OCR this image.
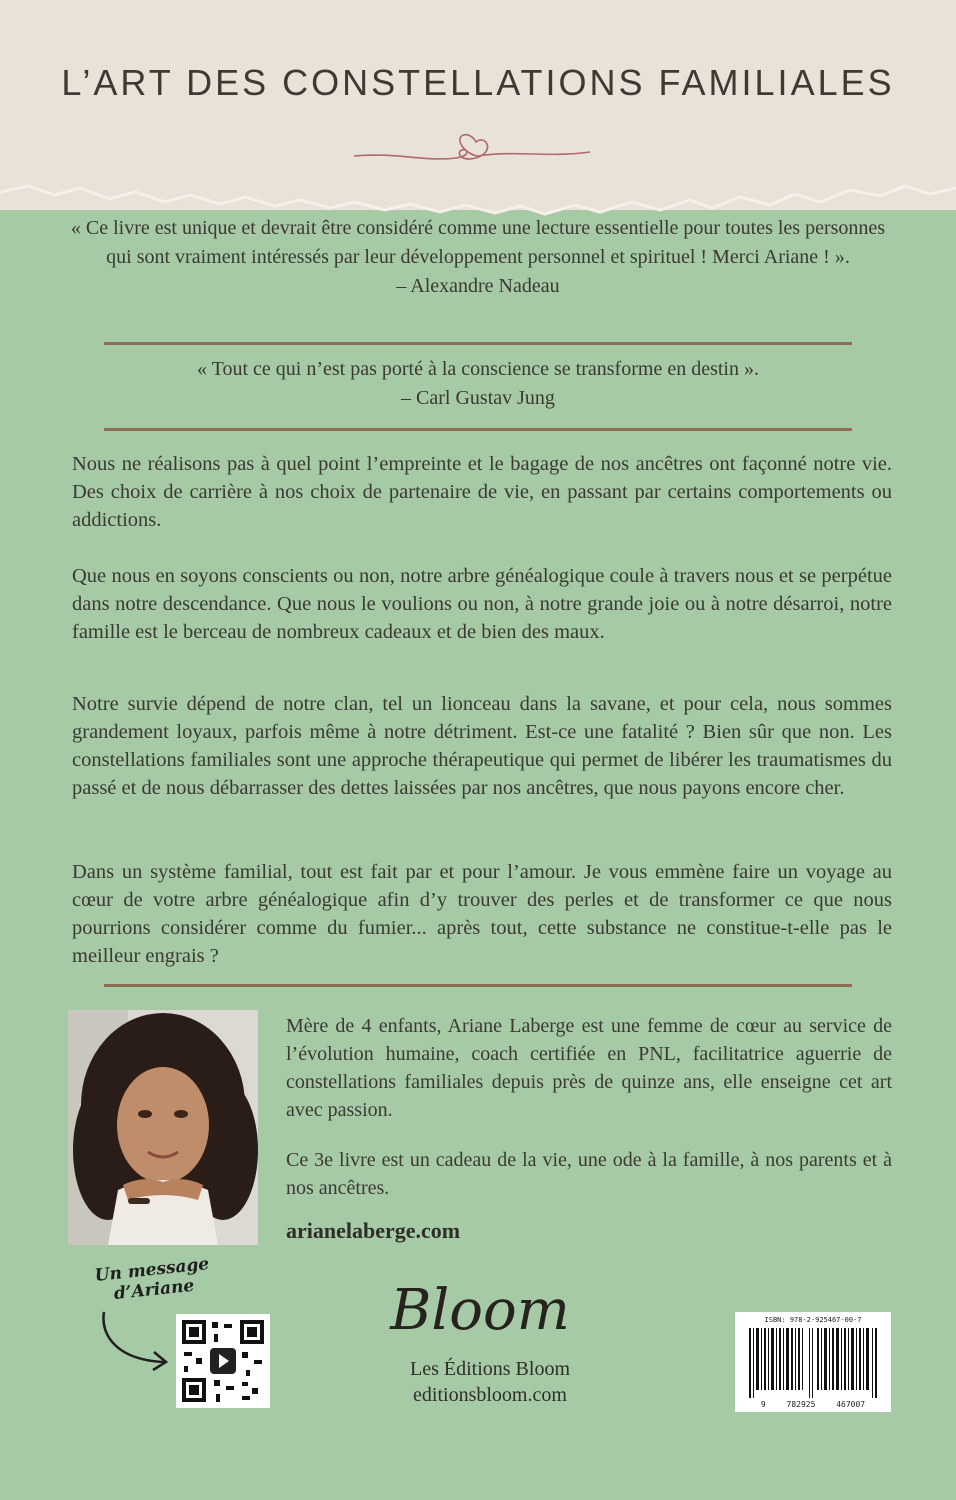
L’ART DES CONSTELLATIONS FAMILIALES
« Ce livre est unique et devrait être considéré comme une lecture essentielle pour toutes les personnes qui sont vraiment intéressés par leur développement personnel et spirituel ! Merci Ariane ! ».
– Alexandre Nadeau
« Tout ce qui n’est pas porté à la conscience se transforme en destin ».
– Carl Gustav Jung
Nous ne réalisons pas à quel point l’empreinte et le bagage de nos ancêtres ont façonné notre vie. Des choix de carrière à nos choix de partenaire de vie, en passant par certains comportements ou addictions.
Que nous en soyons conscients ou non, notre arbre généalogique coule à travers nous et se perpétue dans notre descendance. Que nous le voulions ou non, à notre grande joie ou à notre désarroi, notre famille est le berceau de nombreux cadeaux et de bien des maux.
Notre survie dépend de notre clan, tel un lionceau dans la savane, et pour cela, nous sommes grandement loyaux, parfois même à notre détriment. Est-ce une fatalité ? Bien sûr que non. Les constellations familiales sont une approche thérapeutique qui permet de libérer les traumatismes du passé et de nous débarrasser des dettes laissées par nos ancêtres, que nous payons encore cher.
Dans un système familial, tout est fait par et pour l’amour. Je vous emmène faire un voyage au cœur de votre arbre généalogique afin d’y trouver des perles et de transformer ce que nous pourrions considérer comme du fumier... après tout, cette substance ne constitue-t-elle pas le meilleur engrais ?
Mère de 4 enfants, Ariane Laberge est une femme de cœur au service de l’évolution humaine, coach certifiée en PNL, facilitatrice aguerrie de constellations familiales depuis près de quinze ans, elle enseigne cet art avec passion.
Ce 3e livre est un cadeau de la vie, une ode à la famille, à nos parents et à nos ancêtres.
arianelaberge.com
Un message d’Ariane	Bloom
Les Éditions Bloom
editionsbloom.com
ISBN: 978-2-925467-00-7
9 782925 467007
